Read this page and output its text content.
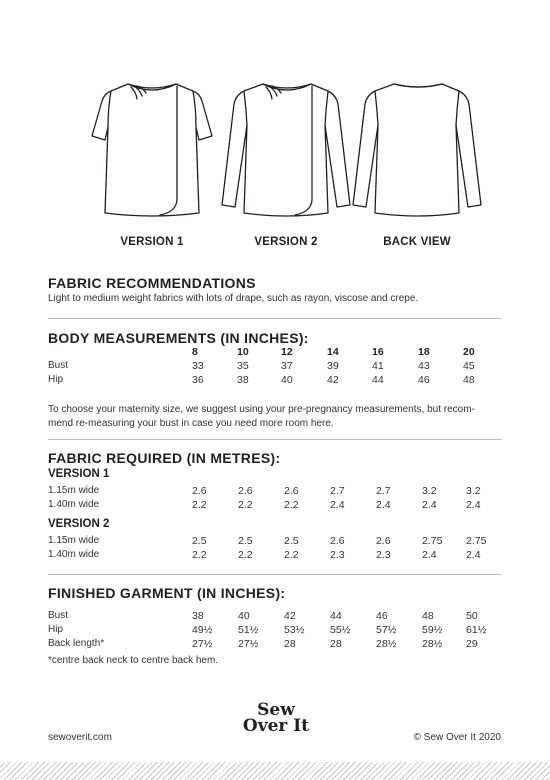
VERSION 1	VERSION 2	BACK VIEW
FABRIC RECOMMENDATIONS
Light to medium weight fabrics with lots of drape, such as rayon, viscose and crepe.
BODY MEASUREMENTS (IN INCHES):
8	10	12	14	16	18	20
Bust	33	35	37	39	41	43	45
Hip	36	38	40	42	44	46	48
To choose your maternity size, we suggest using your pre-pregnancy measurements, but recom-
mend re-measuring your bust in case you need more room here.
FABRIC REQUIRED (IN METRES):
VERSION 1
VERSION 2
1.15m wide	2.6	2.6	2.6	2.7	2.7	3.2	3.2
1.40m wide	2.2	2.2	2.2	2.4	2.4	2.4	2.4
1.15m wide	2.5	2.5	2.5	2.6	2.6	2.75 2.75
1.40m wide	2.2	2.2	2.2	2.3	2.3	2.4	2.4
FINISHED GARMENT (IN INCHES):
Bust	38	40	42	44	46	48	50
Hip	49½ 51½ 53½ 55½ 57½ 59½ 61½
Back length*	27½ 27½ 28	28	28½ 28½ 29
*centre back neck to centre back hem.
sewoverit.com
Sew
Over It
© Sew Over It 2020
